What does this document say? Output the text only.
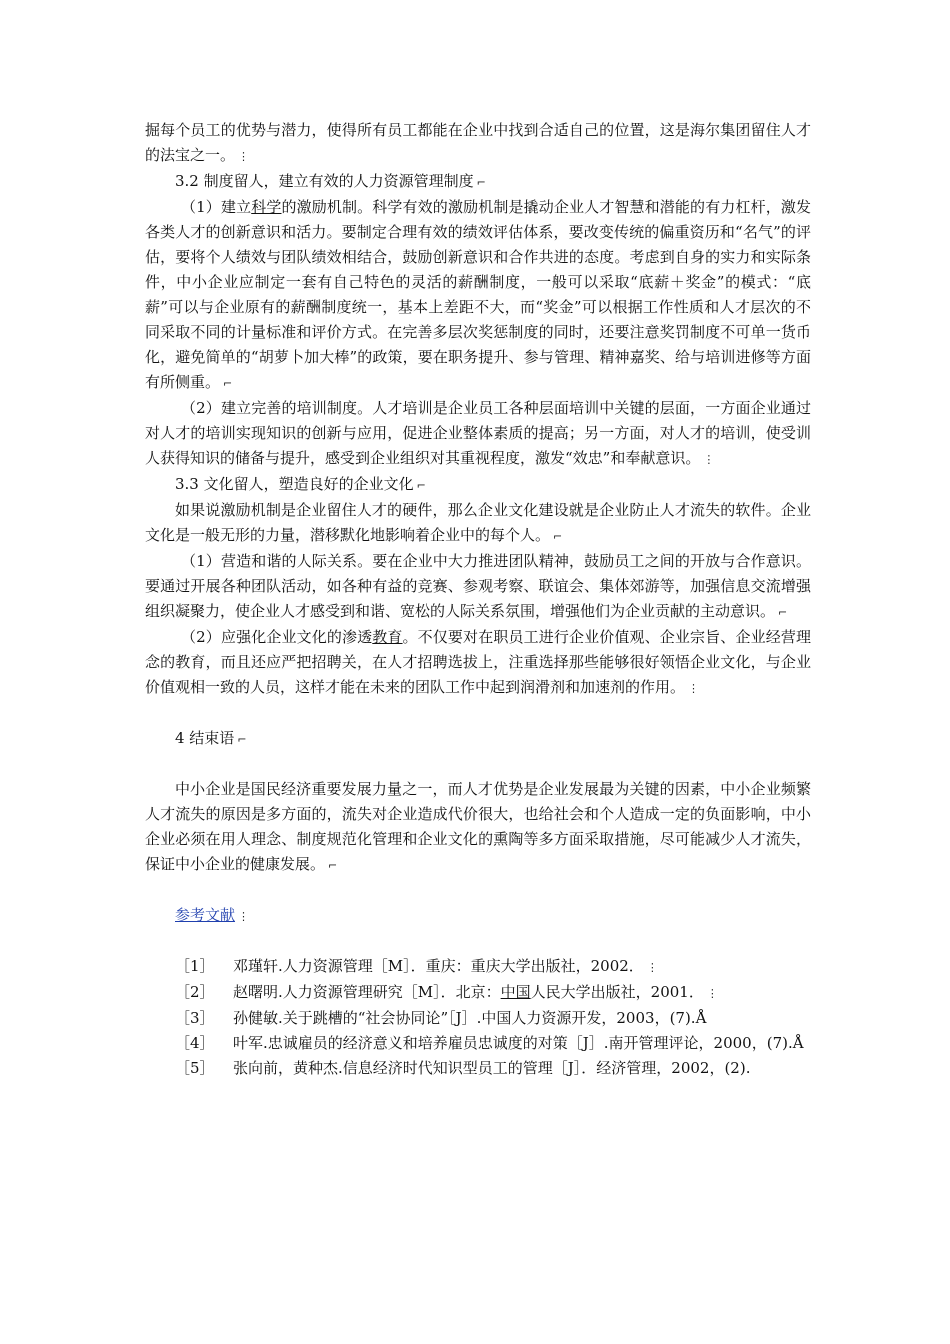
掘每个员工的优势与潜力，使得所有员工都能在企业中找到合适自己的位置，这是海尔集团留住人才的法宝之一。 ⋮

3.2 制度留人，建立有效的人力资源管理制度 ⌐

（1）建立科学的激励机制。科学有效的激励机制是撬动企业人才智慧和潜能的有力杠杆，激发各类人才的创新意识和活力。要制定合理有效的绩效评估体系，要改变传统的偏重资历和“名气”的评估，要将个人绩效与团队绩效相结合，鼓励创新意识和合作共进的态度。考虑到自身的实力和实际条件，中小企业应制定一套有自己特色的灵活的薪酬制度，一般可以采取“底薪＋奖金”的模式：“底薪”可以与企业原有的薪酬制度统一，基本上差距不大，而“奖金”可以根据工作性质和人才层次的不同采取不同的计量标准和评价方式。在完善多层次奖惩制度的同时，还要注意奖罚制度不可单一货币化，避免简单的“胡萝卜加大棒”的政策，要在职务提升、参与管理、精神嘉奖、给与培训进修等方面有所侧重。 ⌐

（2）建立完善的培训制度。人才培训是企业员工各种层面培训中关键的层面，一方面企业通过对人才的培训实现知识的创新与应用，促进企业整体素质的提高；另一方面，对人才的培训，使受训人获得知识的储备与提升，感受到企业组织对其重视程度，激发“效忠”和奉献意识。 ⋮

3.3 文化留人，塑造良好的企业文化 ⌐

如果说激励机制是企业留住人才的硬件，那么企业文化建设就是企业防止人才流失的软件。企业文化是一般无形的力量，潜移默化地影响着企业中的每个人。 ⌐

（1）营造和谐的人际关系。要在企业中大力推进团队精神，鼓励员工之间的开放与合作意识。要通过开展各种团队活动，如各种有益的竞赛、参观考察、联谊会、集体郊游等，加强信息交流增强组织凝聚力，使企业人才感受到和谐、宽松的人际关系氛围，增强他们为企业贡献的主动意识。 ⌐

（2）应强化企业文化的渗透教育。不仅要对在职员工进行企业价值观、企业宗旨、企业经营理念的教育，而且还应严把招聘关，在人才招聘选拔上，注重选择那些能够很好领悟企业文化，与企业价值观相一致的人员，这样才能在未来的团队工作中起到润滑剂和加速剂的作用。 ⋮

4 结束语 ⌐

中小企业是国民经济重要发展力量之一，而人才优势是企业发展最为关键的因素，中小企业频繁人才流失的原因是多方面的，流失对企业造成代价很大，也给社会和个人造成一定的负面影响，中小企业必须在用人理念、制度规范化管理和企业文化的熏陶等多方面采取措施，尽可能减少人才流失，保证中小企业的健康发展。 ⌐

参考文献 ⋮

［1］ 邓瑾轩.人力资源管理［M］．重庆：重庆大学出版社，2002． ⋮

［2］ 赵曙明.人力资源管理研究［M］．北京：中国人民大学出版社，2001． ⋮

［3］ 孙健敏.关于跳槽的“社会协同论”［J］.中国人力资源开发，2003，(7).Å

［4］ 叶军.忠诚雇员的经济意义和培养雇员忠诚度的对策［J］.南开管理评论，2000，(7).Å

［5］ 张向前，黄种杰.信息经济时代知识型员工的管理［J］．经济管理，2002，(2).
